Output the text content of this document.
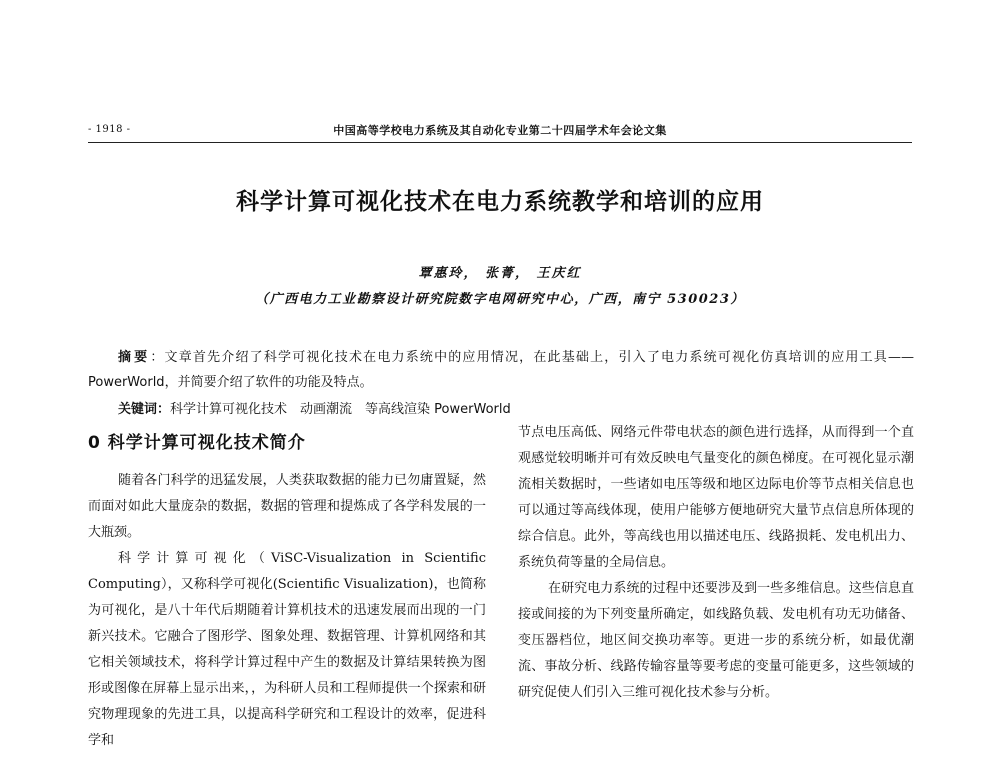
- 1918 -	中国高等学校电力系统及其自动化专业第二十四届学术年会论文集
科学计算可视化技术在电力系统教学和培训的应用
覃惠玲， 张菁， 王庆红
（广西电力工业勘察设计研究院数字电网研究中心，广西，南宁 530023）
摘要：文章首先介绍了科学可视化技术在电力系统中的应用情况，在此基础上，引入了电力系统可视化仿真培训的应用工具——PowerWorld，并简要介绍了软件的功能及特点。
关键词：科学计算可视化技术　动画潮流　等高线渲染 PowerWorld
0 科学计算可视化技术简介

随着各门科学的迅猛发展，人类获取数据的能力已勿庸置疑，然而面对如此大量庞杂的数据，数据的管理和提炼成了各学科发展的一大瓶颈。

科学计算可视化（ViSC-Visualization in Scientific Computing），又称科学可视化(Scientific Visualization)，也简称为可视化，是八十年代后期随着计算机技术的迅速发展而出现的一门新兴技术。它融合了图形学、图象处理、数据管理、计算机网络和其它相关领域技术，将科学计算过程中产生的数据及计算结果转换为图形或图像在屏幕上显示出来，，为科研人员和工程师提供一个探索和研究物理现象的先进工具，以提高科学研究和工程设计的效率，促进科学和

节点电压高低、网络元件带电状态的颜色进行选择，从而得到一个直观感觉较明晰并可有效反映电气量变化的颜色梯度。在可视化显示潮流相关数据时，一些诸如电压等级和地区边际电价等节点相关信息也可以通过等高线体现，使用户能够方便地研究大量节点信息所体现的综合信息。此外，等高线也用以描述电压、线路损耗、发电机出力、系统负荷等量的全局信息。

在研究电力系统的过程中还要涉及到一些多维信息。这些信息直接或间接的为下列变量所确定，如线路负载、发电机有功无功储备、变压器档位，地区间交换功率等。更进一步的系统分析，如最优潮流、事故分析、线路传输容量等要考虑的变量可能更多，这些领域的研究促使人们引入三维可视化技术参与分析。
